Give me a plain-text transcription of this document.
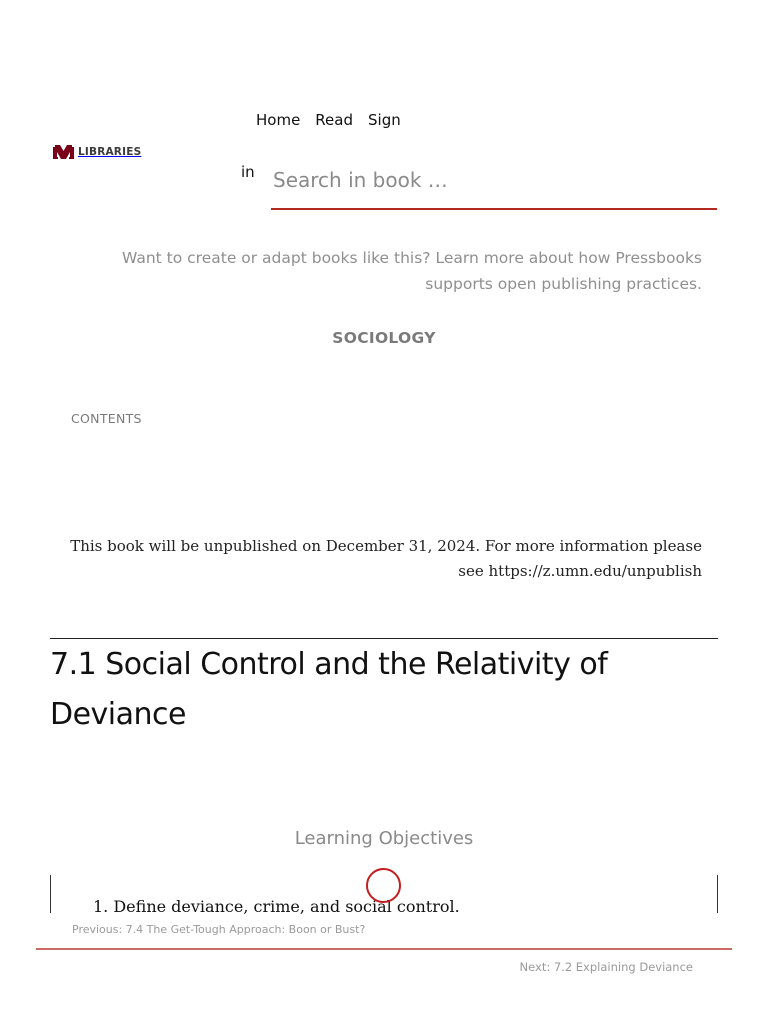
LIBRARIES
Home Read Sign
in
Search in book …
Want to create or adapt books like this? Learn more about how Pressbooks supports open publishing practices.
SOCIOLOGY
CONTENTS
This book will be unpublished on December 31, 2024. For more information please see https://z.umn.edu/unpublish
7.1 Social Control and the Relativity of Deviance
Learning Objectives
1. Define deviance, crime, and social control.
Previous: 7.4 The Get-Tough Approach: Boon or Bust?
Next: 7.2 Explaining Deviance
